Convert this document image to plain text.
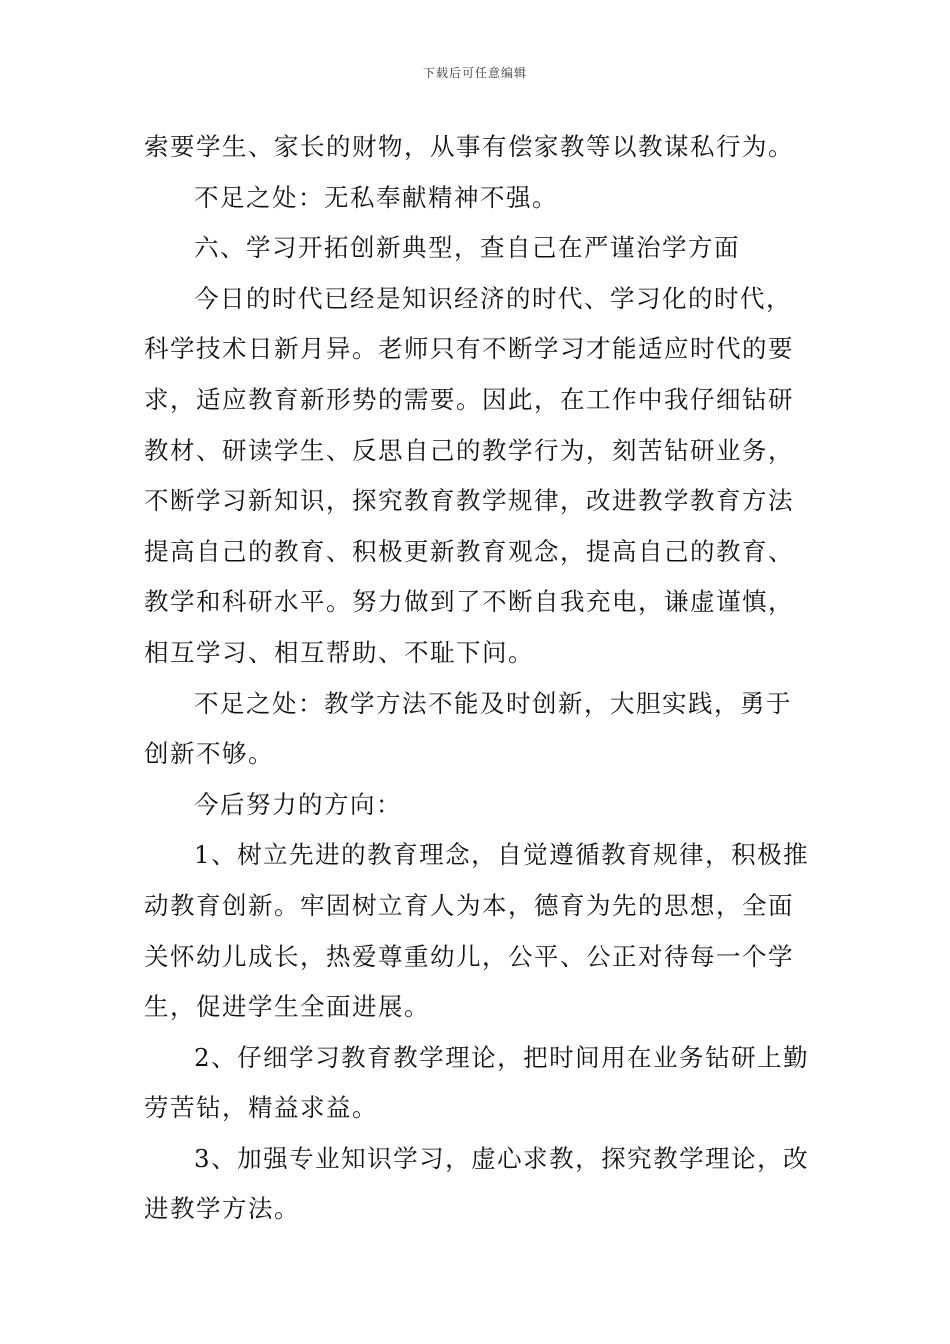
下载后可任意编辑
索要学生、家长的财物，从事有偿家教等以教谋私行为。
不足之处：无私奉献精神不强。
六、学习开拓创新典型，查自己在严谨治学方面
今日的时代已经是知识经济的时代、学习化的时代，
科学技术日新月异。老师只有不断学习才能适应时代的要
求，适应教育新形势的需要。因此，在工作中我仔细钻研
教材、研读学生、反思自己的教学行为，刻苦钻研业务，
不断学习新知识，探究教育教学规律，改进教学教育方法
提高自己的教育、积极更新教育观念，提高自己的教育、
教学和科研水平。努力做到了不断自我充电，谦虚谨慎，
相互学习、相互帮助、不耻下问。
不足之处：教学方法不能及时创新，大胆实践，勇于
创新不够。
今后努力的方向：
1、树立先进的教育理念，自觉遵循教育规律，积极推
动教育创新。牢固树立育人为本，德育为先的思想，全面
关怀幼儿成长，热爱尊重幼儿，公平、公正对待每一个学
生，促进学生全面进展。
2、仔细学习教育教学理论，把时间用在业务钻研上勤
劳苦钻，精益求益。
3、加强专业知识学习，虚心求教，探究教学理论，改
进教学方法。
